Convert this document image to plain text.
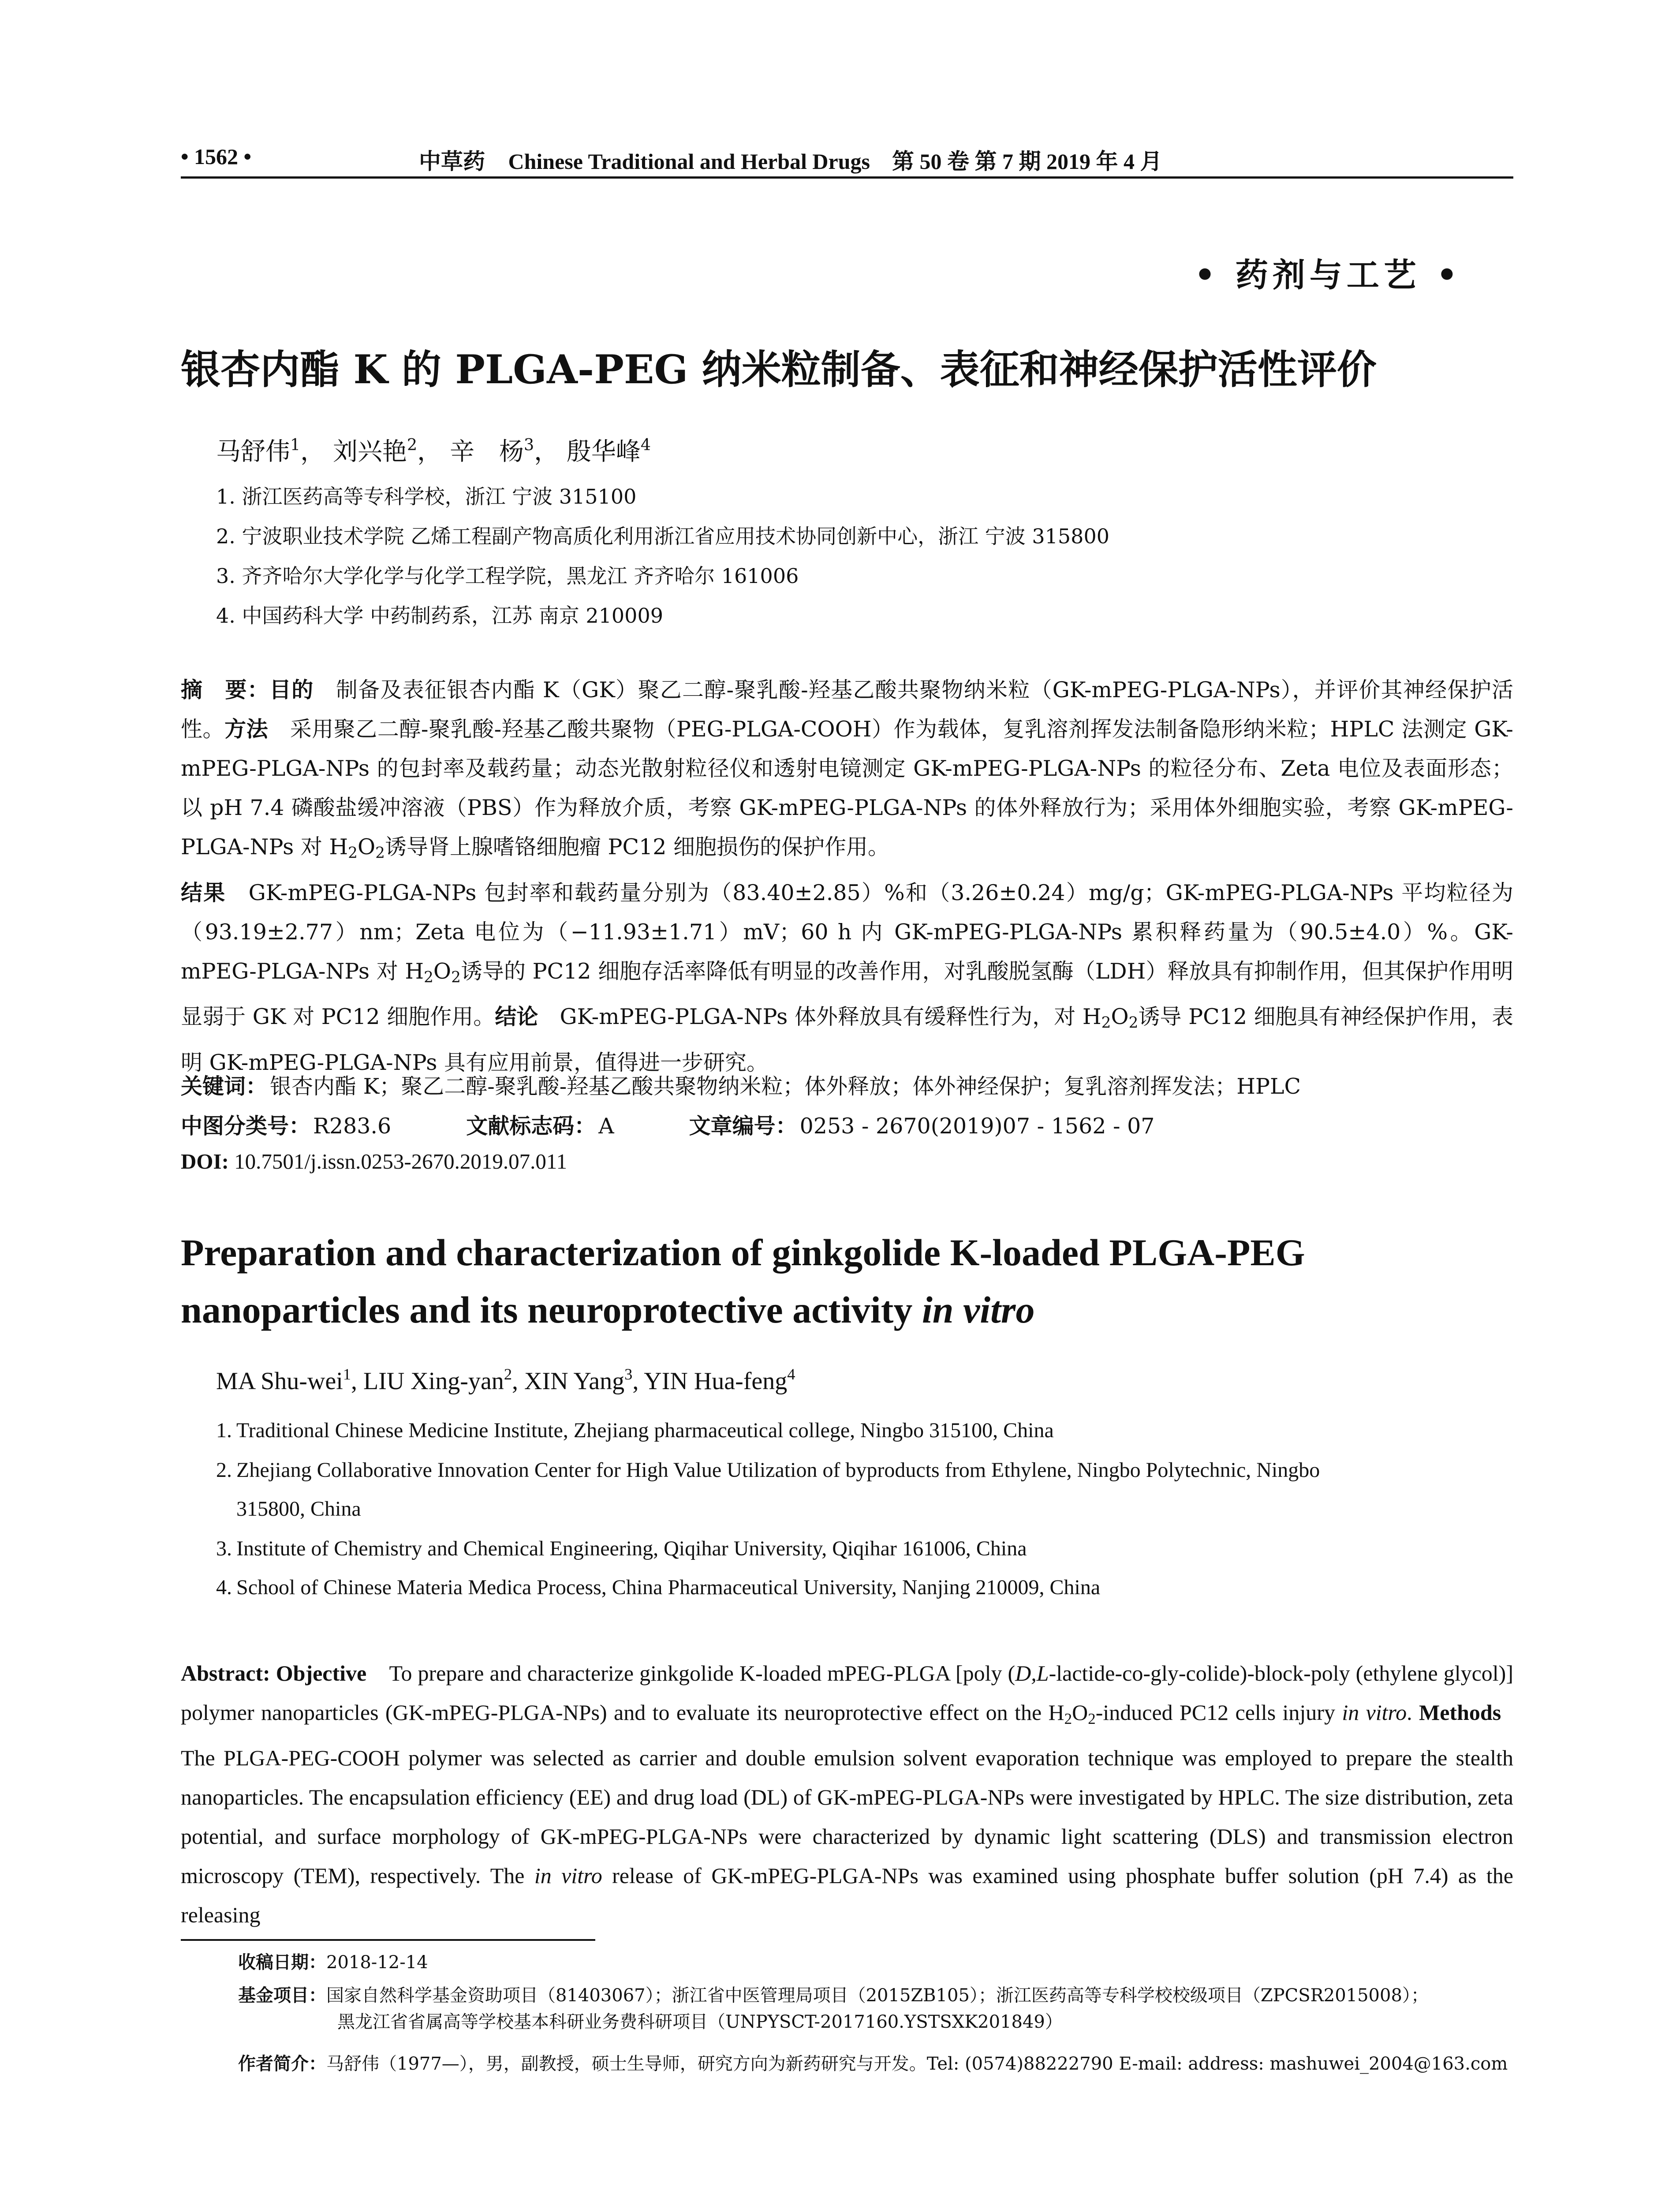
• 1562 •	中草药 Chinese Traditional and Herbal Drugs 第 50 卷 第 7 期 2019 年 4 月
• 药剂与工艺 •
银杏内酯 K 的 PLGA-PEG 纳米粒制备、表征和神经保护活性评价
马舒伟$^1$， 刘兴艳$^2$， 辛　杨$^3$， 殷华峰$^4$
1. 浙江医药高等专科学校，浙江 宁波 315100
2. 宁波职业技术学院 乙烯工程副产物高质化利用浙江省应用技术协同创新中心，浙江 宁波 315800
3. 齐齐哈尔大学化学与化学工程学院，黑龙江 齐齐哈尔 161006
4. 中国药科大学 中药制药系，江苏 南京 210009
摘　要：目的　 制备及表征银杏内酯 K（GK）聚乙二醇-聚乳酸-羟基乙酸共聚物纳米粒（GK-mPEG-PLGA-NPs），并评价其神经保护活性。方法　 采用聚乙二醇-聚乳酸-羟基乙酸共聚物（PEG-PLGA-COOH）作为载体，复乳溶剂挥发法制备隐形纳米粒；HPLC 法测定 GK-mPEG-PLGA-NPs 的包封率及载药量；动态光散射粒径仪和透射电镜测定 GK-mPEG-PLGA-NPs 的粒径分布、Zeta 电位及表面形态；以 pH 7.4 磷酸盐缓冲溶液（PBS）作为释放介质，考察 GK-mPEG-PLGA-NPs 的体外释放行为；采用体外细胞实验，考察 GK-mPEG-PLGA-NPs 对 $H_2O_2$诱导肾上腺嗜铬细胞瘤 PC12 细胞损伤的保护作用。
结果　 GK-mPEG-PLGA-NPs 包封率和载药量分别为（83.40±2.85）%和（3.26±0.24）mg/g；GK-mPEG-PLGA-NPs 平均粒径为（93.19±2.77）nm；Zeta 电位为（−11.93±1.71）mV；60 h 内 GK-mPEG-PLGA-NPs 累积释药量为（90.5±4.0）%。GK-mPEG-PLGA-NPs 对 $H_2O_2$诱导的 PC12 细胞存活率降低有明显的改善作用，对乳酸脱氢酶（LDH）释放具有抑制作用，但其保护作用明显弱于 GK 对 PC12 细胞作用。结论　 GK-mPEG-PLGA-NPs 体外释放具有缓释性行为，对 $H_2O_2$诱导 PC12 细胞具有神经保护作用，表明 GK-mPEG-PLGA-NPs 具有应用前景，值得进一步研究。
关键词： 银杏内酯 K；聚乙二醇-聚乳酸-羟基乙酸共聚物纳米粒；体外释放；体外神经保护；复乳溶剂挥发法；HPLC
中图分类号： R283.6	文献标志码： A	文章编号： 0253 - 2670(2019)07 - 1562 - 07
DOI: 10.7501/j.issn.0253-2670.2019.07.011
Preparation and characterization of ginkgolide K-loaded PLGA-PEG nanoparticles and its neuroprotective activity in vitro
MA Shu-wei$^1$, LIU Xing-yan$^2$, XIN Yang$^3$, YIN Hua-feng$^4$
1. Traditional Chinese Medicine Institute, Zhejiang pharmaceutical college, Ningbo 315100, China
2. Zhejiang Collaborative Innovation Center for High Value Utilization of byproducts from Ethylene, Ningbo Polytechnic, Ningbo
315800, China
3. Institute of Chemistry and Chemical Engineering, Qiqihar University, Qiqihar 161006, China
4. School of Chinese Materia Medica Process, China Pharmaceutical University, Nanjing 210009, China
Abstract: Objective To prepare and characterize ginkgolide K-loaded mPEG-PLGA [poly (D,L-lactide-co-gly-colide)-block-poly (ethylene glycol)] polymer nanoparticles (GK-mPEG-PLGA-NPs) and to evaluate its neuroprotective effect on the $H_2O_2$-induced PC12 cells injury in vitro. Methods   The PLGA-PEG-COOH polymer was selected as carrier and double emulsion solvent evaporation technique was employed to prepare the stealth nanoparticles. The encapsulation efficiency (EE) and drug load (DL) of GK-mPEG-PLGA-NPs were investigated by HPLC. The size distribution, zeta potential, and surface morphology of GK-mPEG-PLGA-NPs were characterized by dynamic light scattering (DLS) and transmission electron microscopy (TEM), respectively. The in vitro release of GK-mPEG-PLGA-NPs was examined using phosphate buffer solution (pH 7.4) as the releasing
收稿日期：2018-12-14
基金项目：国家自然科学基金资助项目（81403067）；浙江省中医管理局项目（2015ZB105）；浙江医药高等专科学校校级项目（ZPCSR2015008）；
黑龙江省省属高等学校基本科研业务费科研项目（UNPYSCT-2017160.YSTSXK201849）
作者简介：马舒伟（1977—），男，副教授，硕士生导师，研究方向为新药研究与开发。Tel: (0574)88222790 E-mail: address: mashuwei_2004@163.com
